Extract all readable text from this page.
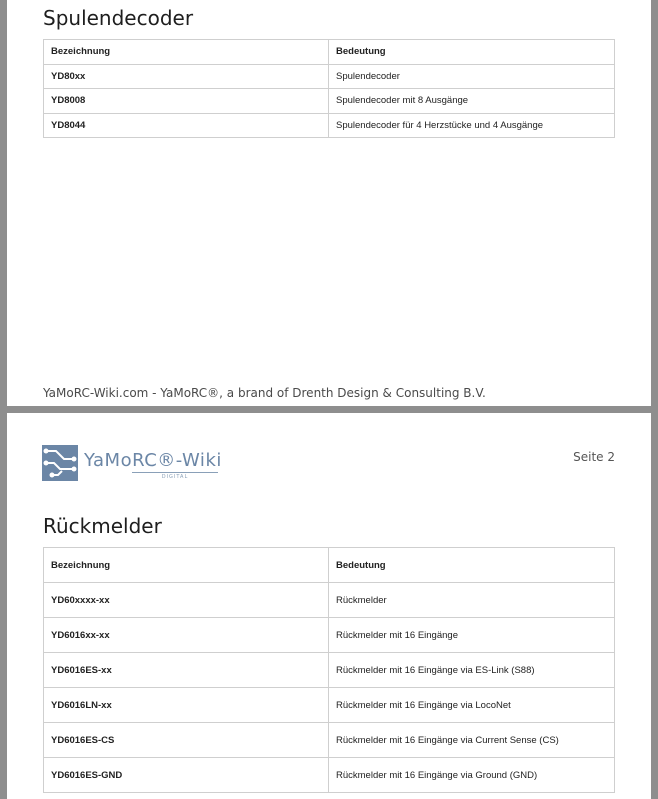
Spulendecoder
Bezeichnung	Bedeutung
YD80xx	Spulendecoder
YD8008	Spulendecoder mit 8 Ausgänge
YD8044	Spulendecoder für 4 Herzstücke und 4 Ausgänge
YaMoRC-Wiki.com - YaMoRC®, a brand of Drenth Design & Consulting B.V.
YaMoRC®-Wiki
DIGITAL
Seite 2
Rückmelder
Bezeichnung	Bedeutung
YD60xxxx-xx	Rückmelder
YD6016xx-xx	Rückmelder mit 16 Eingänge
YD6016ES-xx	Rückmelder mit 16 Eingänge via ES-Link (S88)
YD6016LN-xx	Rückmelder mit 16 Eingänge via LocoNet
YD6016ES-CS	Rückmelder mit 16 Eingänge via Current Sense (CS)
YD6016ES-GND	Rückmelder mit 16 Eingänge via Ground (GND)
